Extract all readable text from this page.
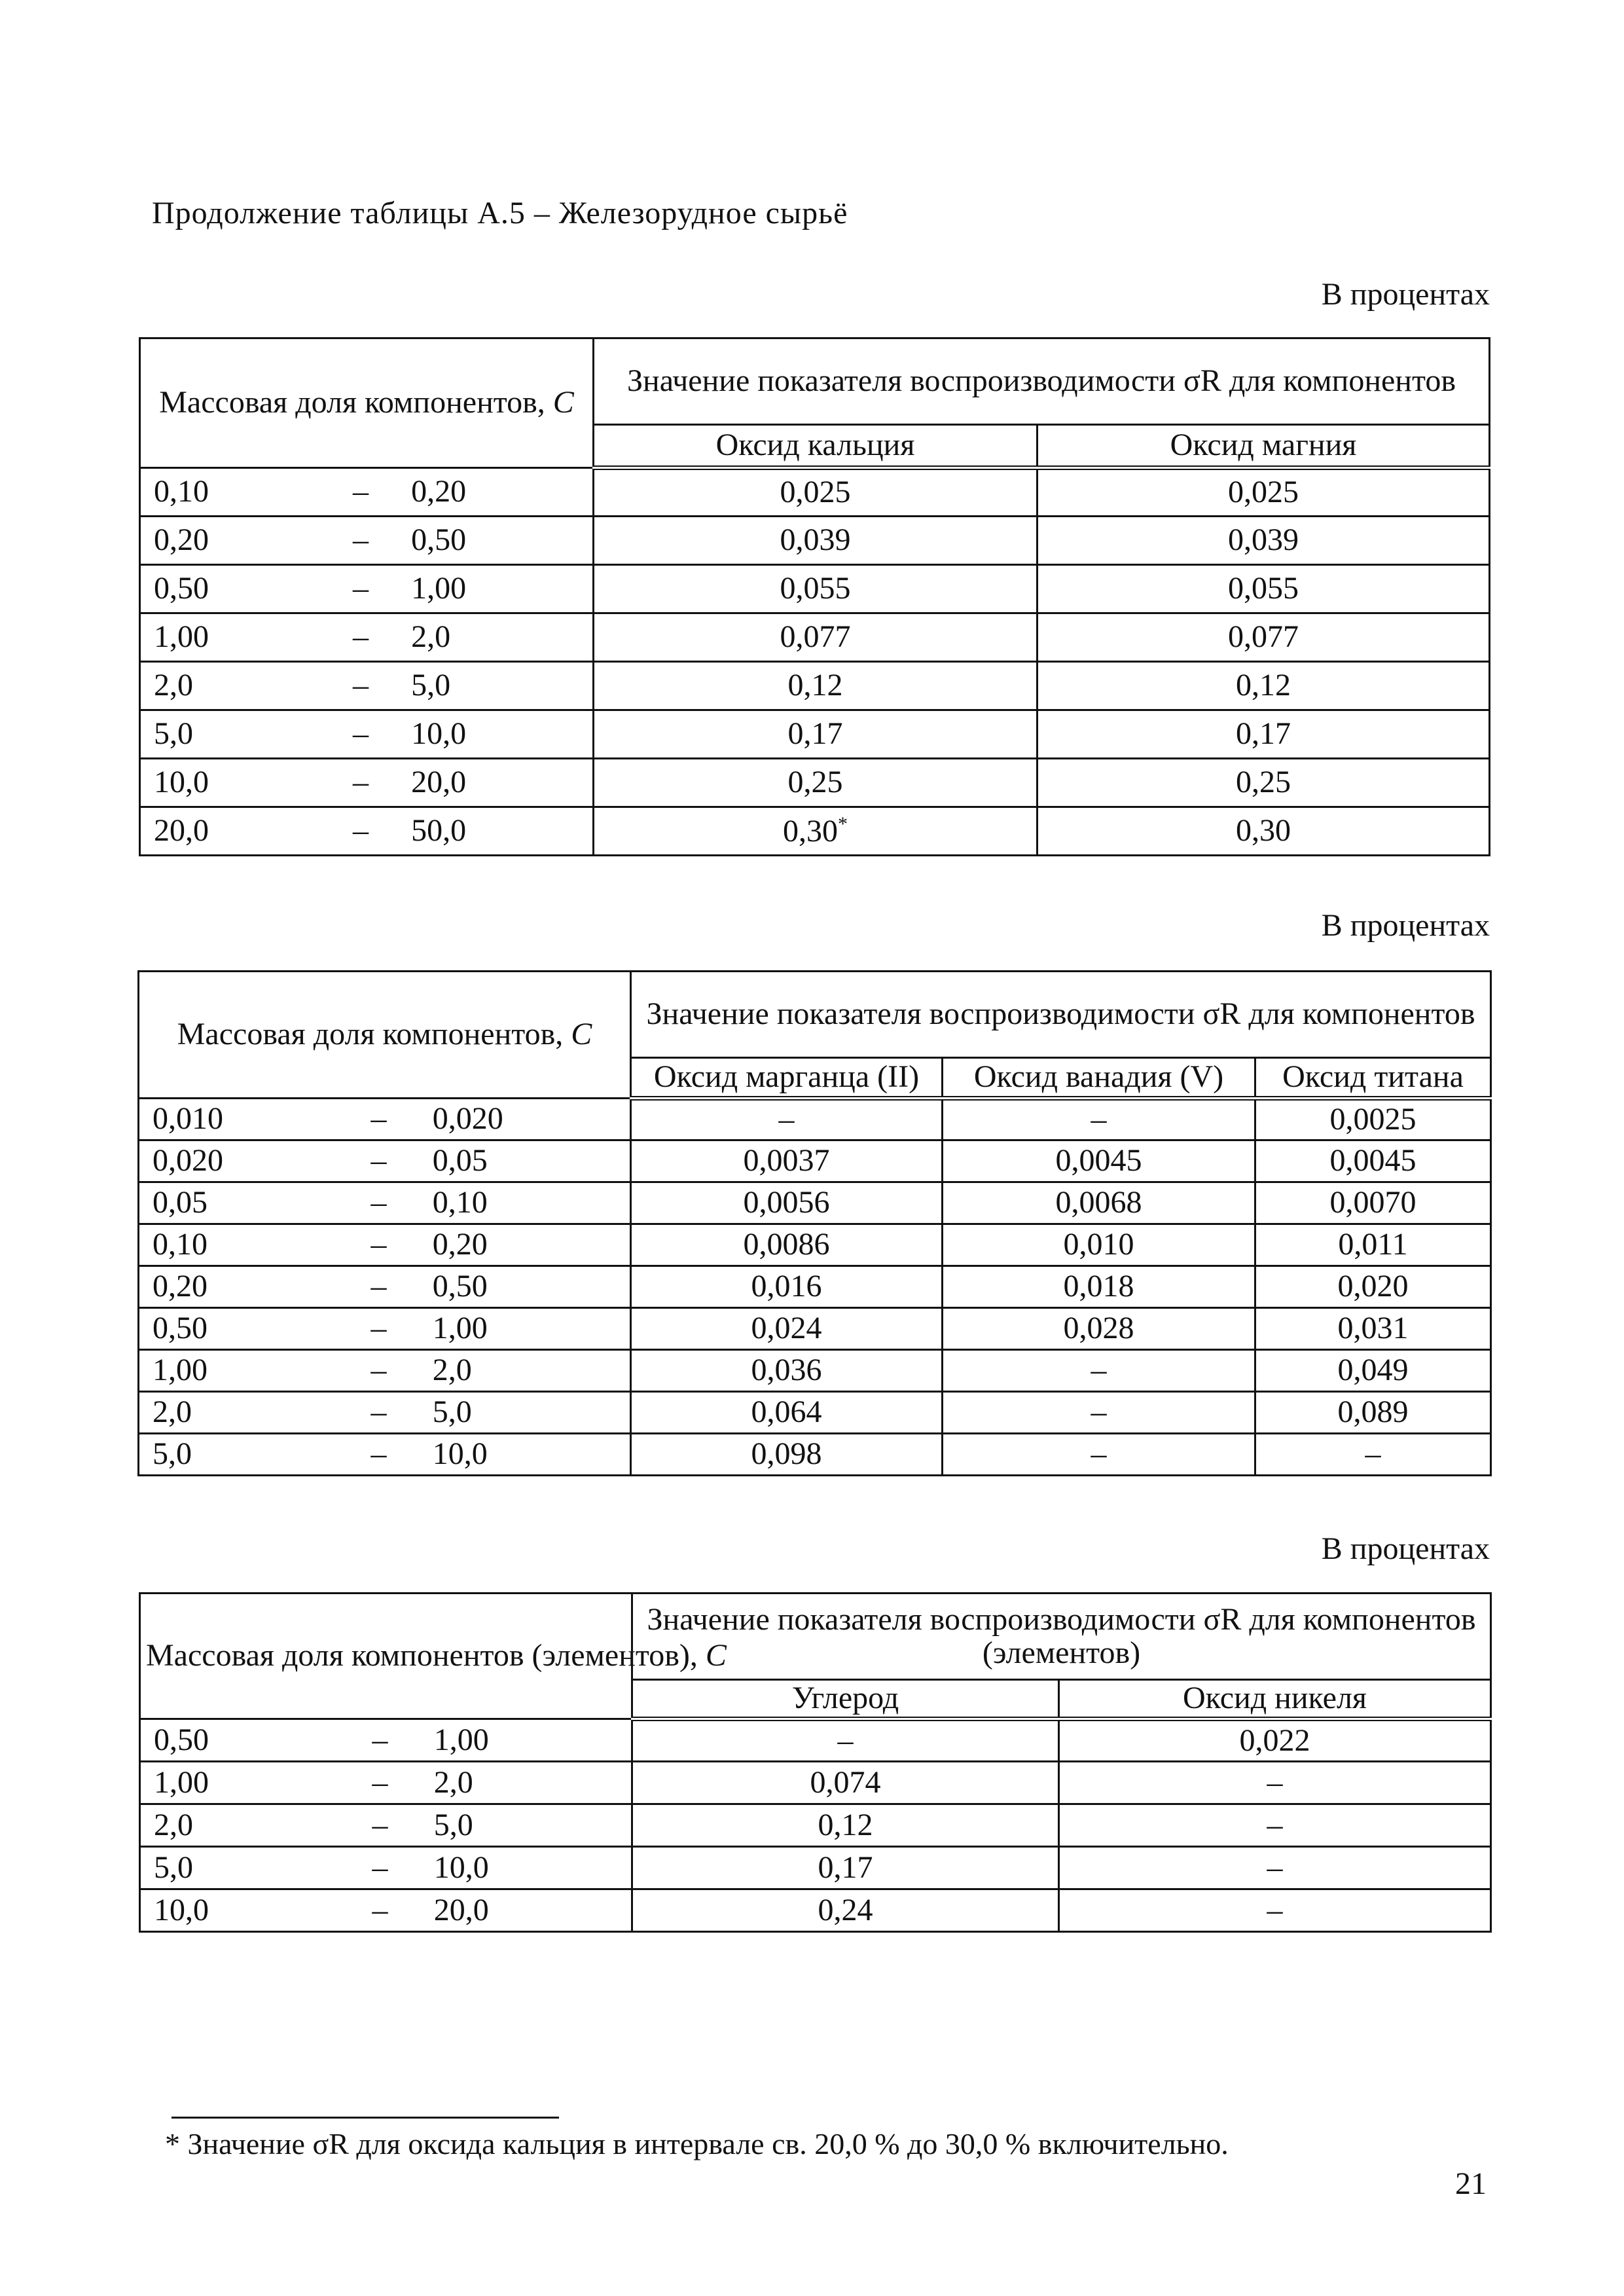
Продолжение таблицы А.5 – Железорудное сырьё
В процентах
Массовая доля компонентов, С	Значение показателя воспроизводимости σR для компонентов	
	Оксид кальция	Оксид магния

0,10 – 0,20	0,025	0,025

0,20 – 0,50	0,039	0,039

0,50 – 1,00	0,055	0,055

1,00 – 2,0	0,077	0,077

2,0 – 5,0	0,12	0,12

5,0 – 10,0	0,17	0,17

10,0 – 20,0	0,25	0,25

20,0 – 50,0	0,30*	0,30
В процентах
Массовая доля компонентов, С	Значение показателя воспроизводимости σR для компонентов		
	Оксид марганца (II)	Оксид ванадия (V)	Оксид титана

0,010 – 0,020	–	–	0,0025

0,020 – 0,05	0,0037	0,0045	0,0045

0,05 – 0,10	0,0056	0,0068	0,0070

0,10 – 0,20	0,0086	0,010	0,011

0,20 – 0,50	0,016	0,018	0,020

0,50 – 1,00	0,024	0,028	0,031

1,00 – 2,0	0,036	–	0,049

2,0 – 5,0	0,064	–	0,089

5,0 – 10,0	0,098	–	–
В процентах
Массовая доля компонентов (элементов), С	Значение показателя воспроизводимости σR для компонентов (элементов)	
	Углерод	Оксид никеля

0,50 – 1,00	–	0,022

1,00 – 2,0	0,074	–

2,0 – 5,0	0,12	–

5,0 – 10,0	0,17	–

10,0 – 20,0	0,24	–
* Значение σR для оксида кальция в интервале св. 20,0 % до 30,0 % включительно.
21
